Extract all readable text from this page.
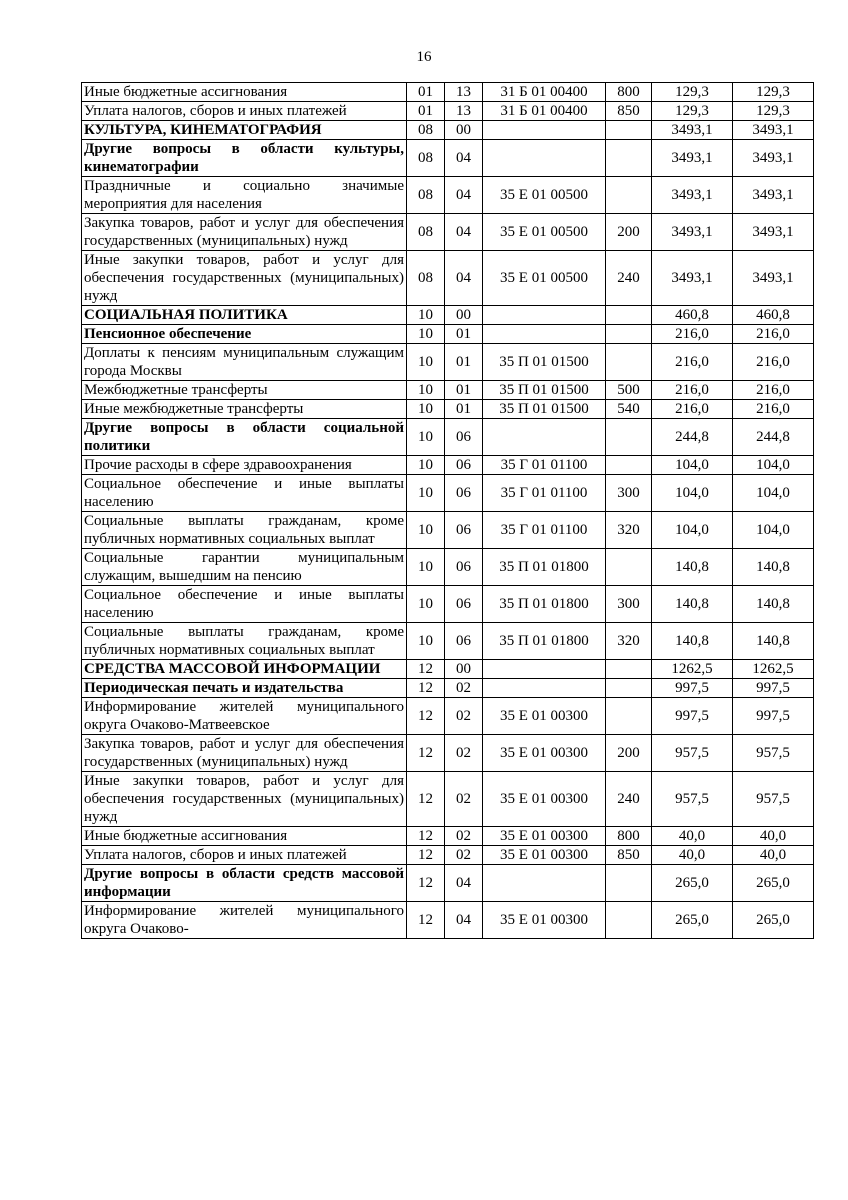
16
Иные бюджетные ассигнования	01	13	31 Б 01 00400	800	129,3	129,3
Уплата налогов, сборов и иных платежей	01	13	31 Б 01 00400	850	129,3	129,3
КУЛЬТУРА, КИНЕМАТОГРАФИЯ	08	00			3493,1	3493,1
Другие вопросы в области культуры, кинематографии	08	04			3493,1	3493,1
Праздничные и социально значимые мероприятия для населения	08	04	35 Е 01 00500		3493,1	3493,1
Закупка товаров, работ и услуг для обеспечения государственных (муниципальных) нужд	08	04	35 Е 01 00500	200	3493,1	3493,1
Иные закупки товаров, работ и услуг для обеспечения государственных (муниципальных) нужд	08	04	35 Е 01 00500	240	3493,1	3493,1
СОЦИАЛЬНАЯ ПОЛИТИКА	10	00			460,8	460,8
Пенсионное обеспечение	10	01			216,0	216,0
Доплаты к пенсиям муниципальным служащим города Москвы	10	01	35 П 01 01500		216,0	216,0
Межбюджетные трансферты	10	01	35 П 01 01500	500	216,0	216,0
Иные межбюджетные трансферты	10	01	35 П 01 01500	540	216,0	216,0
Другие вопросы в области социальной политики	10	06			244,8	244,8
Прочие расходы в сфере здравоохранения	10	06	35 Г 01 01100		104,0	104,0
Социальное обеспечение и иные выплаты населению	10	06	35 Г 01 01100	300	104,0	104,0
Социальные выплаты гражданам, кроме публичных нормативных социальных выплат	10	06	35 Г 01 01100	320	104,0	104,0
Социальные гарантии муниципальным служащим, вышедшим на пенсию	10	06	35 П 01 01800		140,8	140,8
Социальное обеспечение и иные выплаты населению	10	06	35 П 01 01800	300	140,8	140,8
Социальные выплаты гражданам, кроме публичных нормативных социальных выплат	10	06	35 П 01 01800	320	140,8	140,8
СРЕДСТВА МАССОВОЙ ИНФОРМАЦИИ	12	00			1262,5	1262,5
Периодическая печать и издательства	12	02			997,5	997,5
Информирование жителей муниципального округа Очаково-Матвеевское	12	02	35 Е 01 00300		997,5	997,5
Закупка товаров, работ и услуг для обеспечения государственных (муниципальных) нужд	12	02	35 Е 01 00300	200	957,5	957,5
Иные закупки товаров, работ и услуг для обеспечения государственных (муниципальных) нужд	12	02	35 Е 01 00300	240	957,5	957,5
Иные бюджетные ассигнования	12	02	35 Е 01 00300	800	40,0	40,0
Уплата налогов, сборов и иных платежей	12	02	35 Е 01 00300	850	40,0	40,0
Другие вопросы в области средств массовой информации	12	04			265,0	265,0
Информирование жителей муниципального округа Очаково-	12	04	35 Е 01 00300		265,0	265,0
